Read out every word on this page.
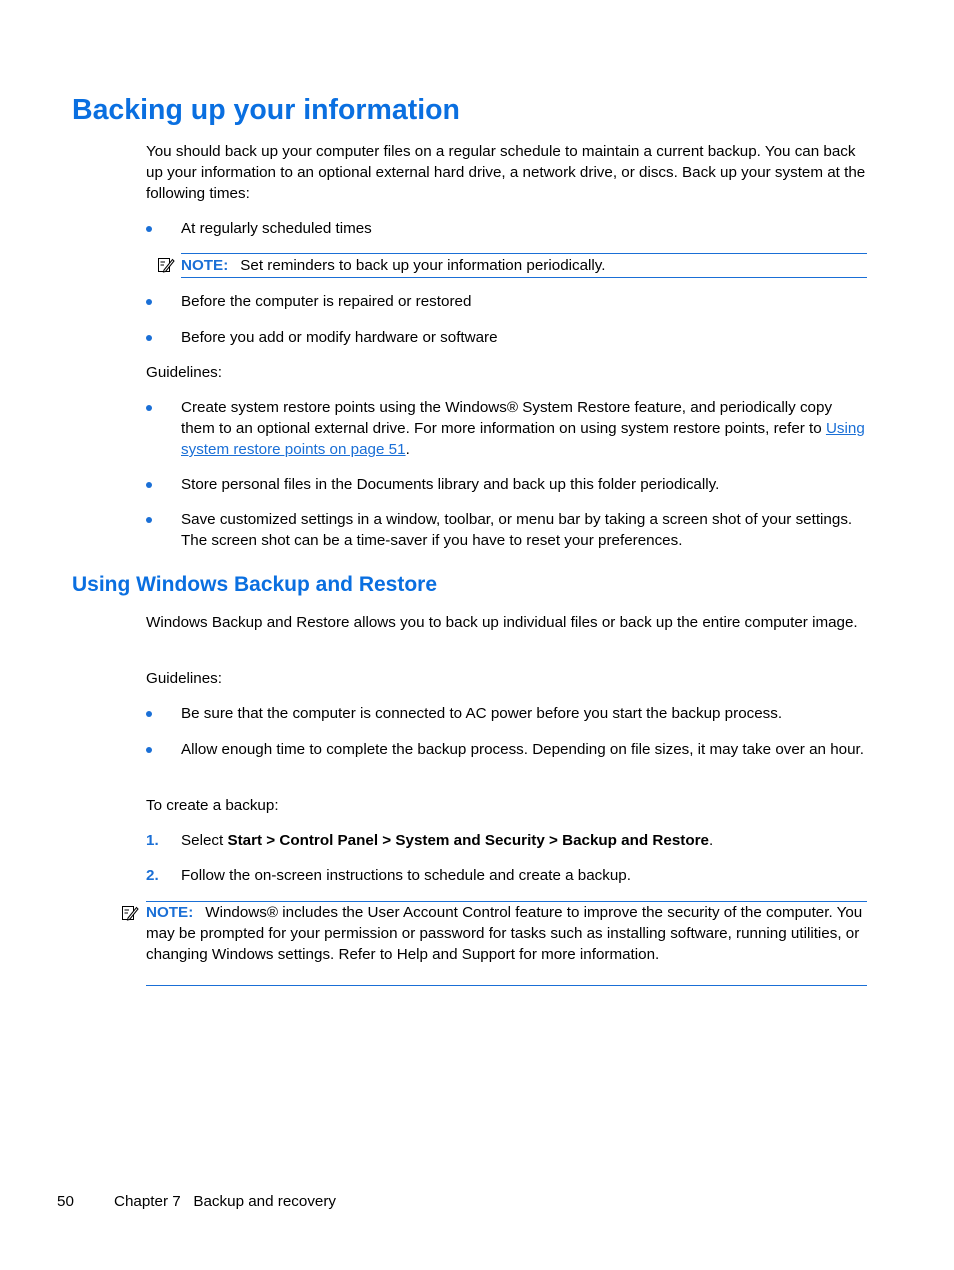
Backing up your information

You should back up your computer files on a regular schedule to maintain a current backup. You can back up your information to an optional external hard drive, a network drive, or discs. Back up your system at the following times:

At regularly scheduled times
NOTE: Set reminders to back up your information periodically.
Before the computer is repaired or restored
Before you add or modify hardware or software

Guidelines:

Create system restore points using the Windows® System Restore feature, and periodically copy them to an optional external drive. For more information on using system restore points, refer to Using system restore points on page 51.
Store personal files in the Documents library and back up this folder periodically.
Save customized settings in a window, toolbar, or menu bar by taking a screen shot of your settings. The screen shot can be a time-saver if you have to reset your preferences.
Using Windows Backup and Restore

Windows Backup and Restore allows you to back up individual files or back up the entire computer image.

Guidelines:

Be sure that the computer is connected to AC power before you start the backup process.
Allow enough time to complete the backup process. Depending on file sizes, it may take over an hour.

To create a backup:

1. Select Start > Control Panel > System and Security > Backup and Restore.
2. Follow the on-screen instructions to schedule and create a backup.
NOTE: Windows® includes the User Account Control feature to improve the security of the computer. You may be prompted for your permission or password for tasks such as installing software, running utilities, or changing Windows settings. Refer to Help and Support for more information.
50	Chapter 7   Backup and recovery
